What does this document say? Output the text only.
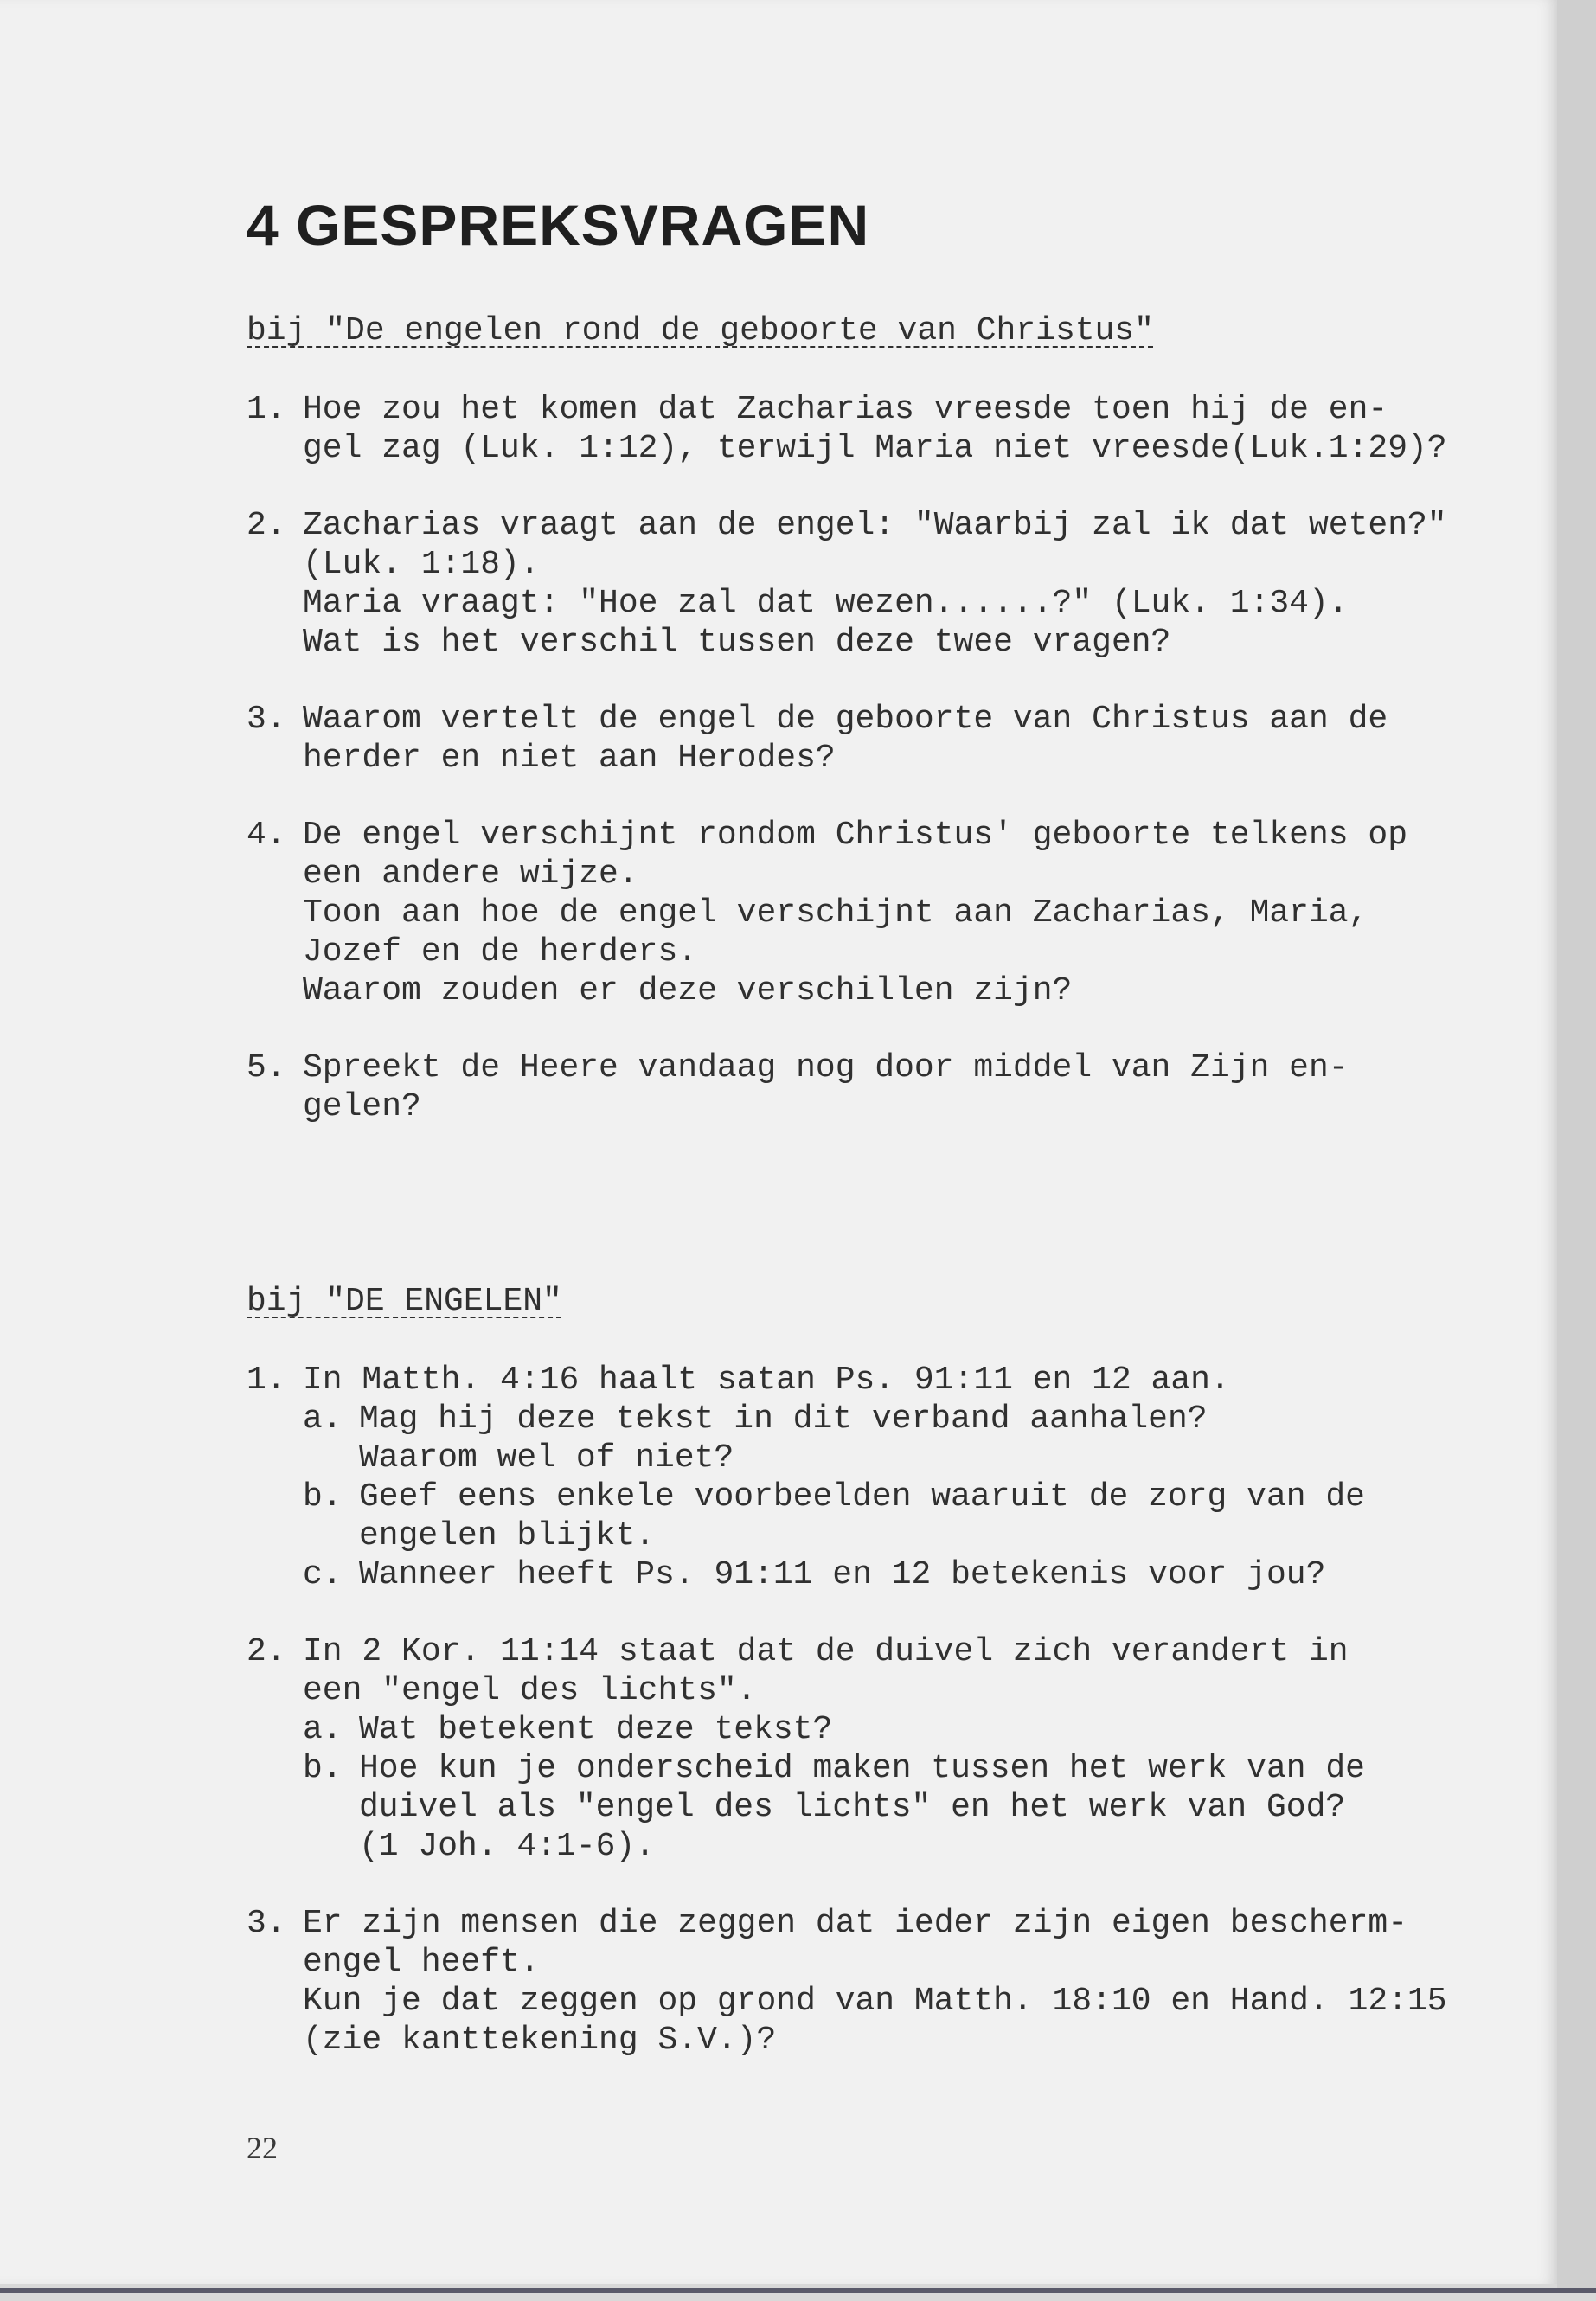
4 GESPREKSVRAGEN

bij "De engelen rond de geboorte van Christus"

1. Hoe zou het komen dat Zacharias vreesde toen hij de en-
gel zag (Luk. 1:12), terwijl Maria niet vreesde(Luk.1:29)?
2. Zacharias vraagt aan de engel: "Waarbij zal ik dat weten?"
(Luk. 1:18).
Maria vraagt: "Hoe zal dat wezen......?" (Luk. 1:34).
Wat is het verschil tussen deze twee vragen?
3. Waarom vertelt de engel de geboorte van Christus aan de
herder en niet aan Herodes?
4. De engel verschijnt rondom Christus' geboorte telkens op
een andere wijze.
Toon aan hoe de engel verschijnt aan Zacharias, Maria,
Jozef en de herders.
Waarom zouden er deze verschillen zijn?
5. Spreekt de Heere vandaag nog door middel van Zijn en-
gelen?

bij "DE ENGELEN"

1. In Matth. 4:16 haalt satan Ps. 91:11 en 12 aan.
a. Mag hij deze tekst in dit verband aanhalen?
Waarom wel of niet?
b. Geef eens enkele voorbeelden waaruit de zorg van de
engelen blijkt.
c. Wanneer heeft Ps. 91:11 en 12 betekenis voor jou?
2. In 2 Kor. 11:14 staat dat de duivel zich verandert in
een "engel des lichts".
a. Wat betekent deze tekst?
b. Hoe kun je onderscheid maken tussen het werk van de
duivel als "engel des lichts" en het werk van God?
(1 Joh. 4:1-6).
3. Er zijn mensen die zeggen dat ieder zijn eigen bescherm-
engel heeft.
Kun je dat zeggen op grond van Matth. 18:10 en Hand. 12:15
(zie kanttekening S.V.)?
22
